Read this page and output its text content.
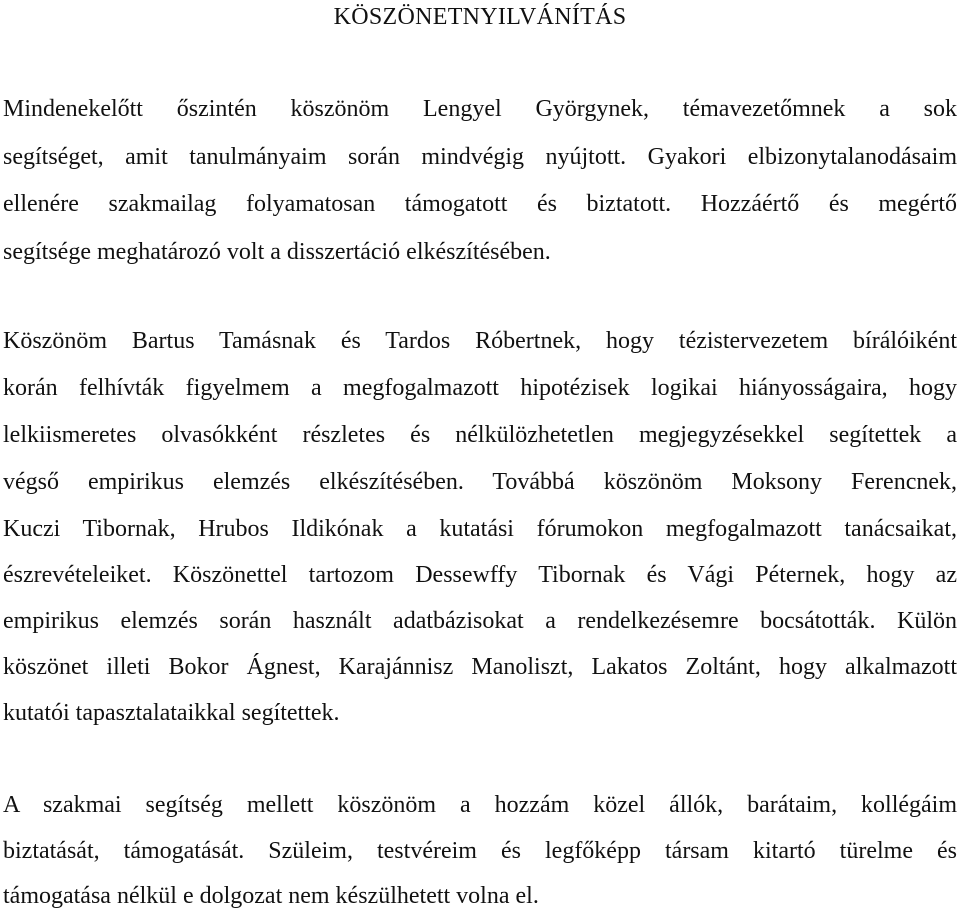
KÖSZÖNETNYILVÁNÍTÁS
Mindenekelőtt őszintén köszönöm Lengyel Györgynek, témavezetőmnek a sok
segítséget, amit tanulmányaim során mindvégig nyújtott. Gyakori elbizonytalanodásaim
ellenére szakmailag folyamatosan támogatott és biztatott. Hozzáértő és megértő
segítsége meghatározó volt a disszertáció elkészítésében.
Köszönöm Bartus Tamásnak és Tardos Róbertnek, hogy tézistervezetem bírálóiként
korán felhívták figyelmem a megfogalmazott hipotézisek logikai hiányosságaira, hogy
lelkiismeretes olvasókként részletes és nélkülözhetetlen megjegyzésekkel segítettek a
végső empirikus elemzés elkészítésében. Továbbá köszönöm Moksony Ferencnek,
Kuczi Tibornak, Hrubos Ildikónak a kutatási fórumokon megfogalmazott tanácsaikat,
észrevételeiket. Köszönettel tartozom Dessewffy Tibornak és Vági Péternek, hogy az
empirikus elemzés során használt adatbázisokat a rendelkezésemre bocsátották. Külön
köszönet illeti Bokor Ágnest, Karajánnisz Manoliszt, Lakatos Zoltánt, hogy alkalmazott
kutatói tapasztalataikkal segítettek.
A szakmai segítség mellett köszönöm a hozzám közel állók, barátaim, kollégáim
biztatását, támogatását. Szüleim, testvéreim és legfőképp társam kitartó türelme és
támogatása nélkül e dolgozat nem készülhetett volna el.
